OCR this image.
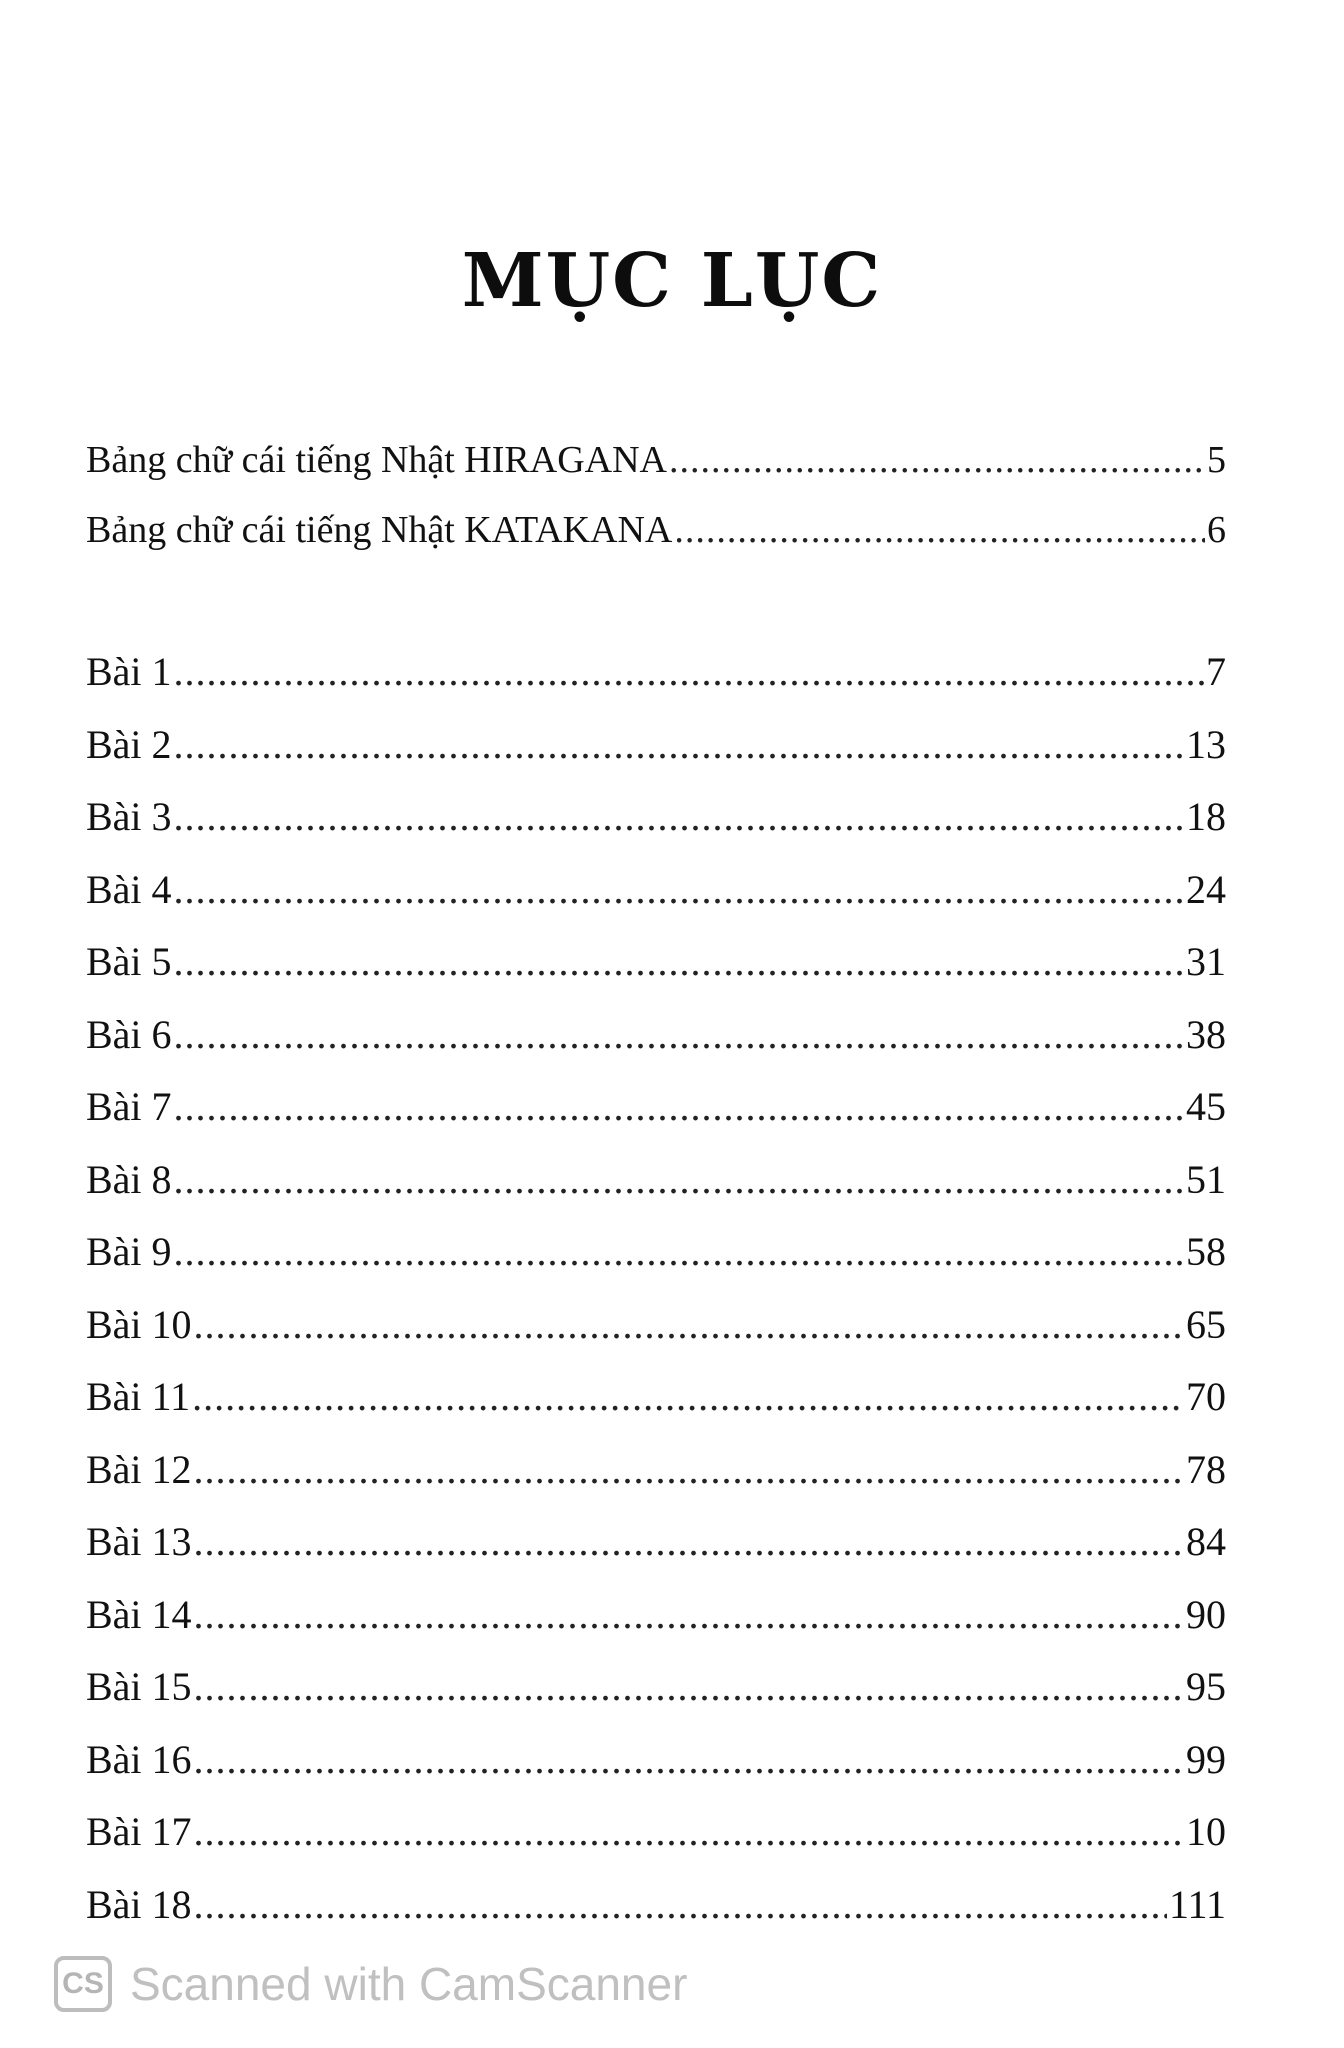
MỤC LỤC
Bảng chữ cái tiếng Nhật HIRAGANA .....	5
Bảng chữ cái tiếng Nhật KATAKANA .....	6
Bài 1 .....	7
Bài 2 .....	13
Bài 3 .....	18
Bài 4 .....	24
Bài 5 .....	31
Bài 6 .....	38
Bài 7 .....	45
Bài 8 .....	51
Bài 9 .....	58
Bài 10 .....	65
Bài 11 .....	70
Bài 12 .....	78
Bài 13 .....	84
Bài 14 .....	90
Bài 15 .....	95
Bài 16 .....	99
Bài 17 .....	10
Bài 18 .....	111
CS Scanned with CamScanner
